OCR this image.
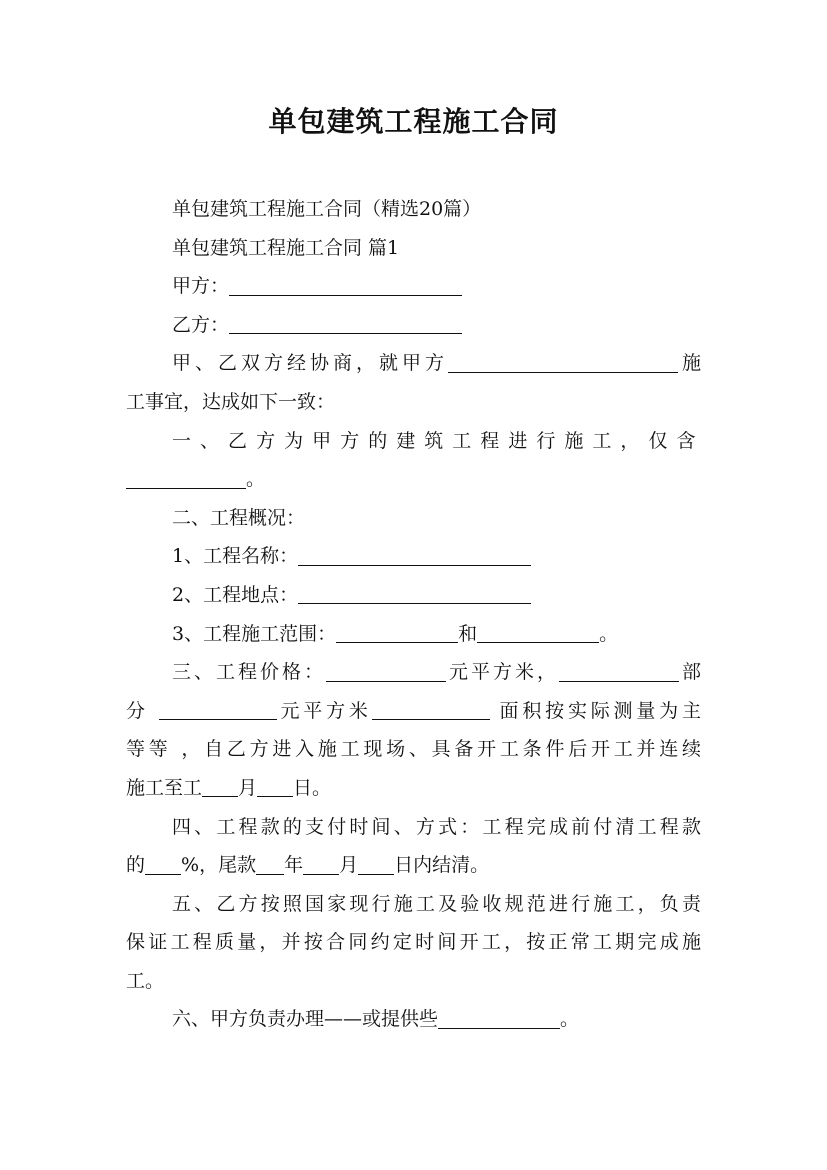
单包建筑工程施工合同

单包建筑工程施工合同（精选20篇）

单包建筑工程施工合同 篇1

甲方：

乙方：

甲、乙双方经协商，就甲方	施

工事宜，达成如下一致：

一、乙方为甲方的建筑工程进行施工，仅含

。

二、工程概况：

1、工程名称：

2、工程地点：

3、工程施工范围：	和	。

三、工程价格：	元平方米，	部

分	元平方米	面积按实际测量为主

等等 ，自乙方进入施工现场、具备开工条件后开工并连续

施工至工 月 日。

四、工程款的支付时间、方式：工程完成前付清工程款

的 %，尾款 年 月 日内结清。

五、乙方按照国家现行施工及验收规范进行施工，负责

保证工程质量，并按合同约定时间开工，按正常工期完成施

工。

六、甲方负责办理——或提供些	。
